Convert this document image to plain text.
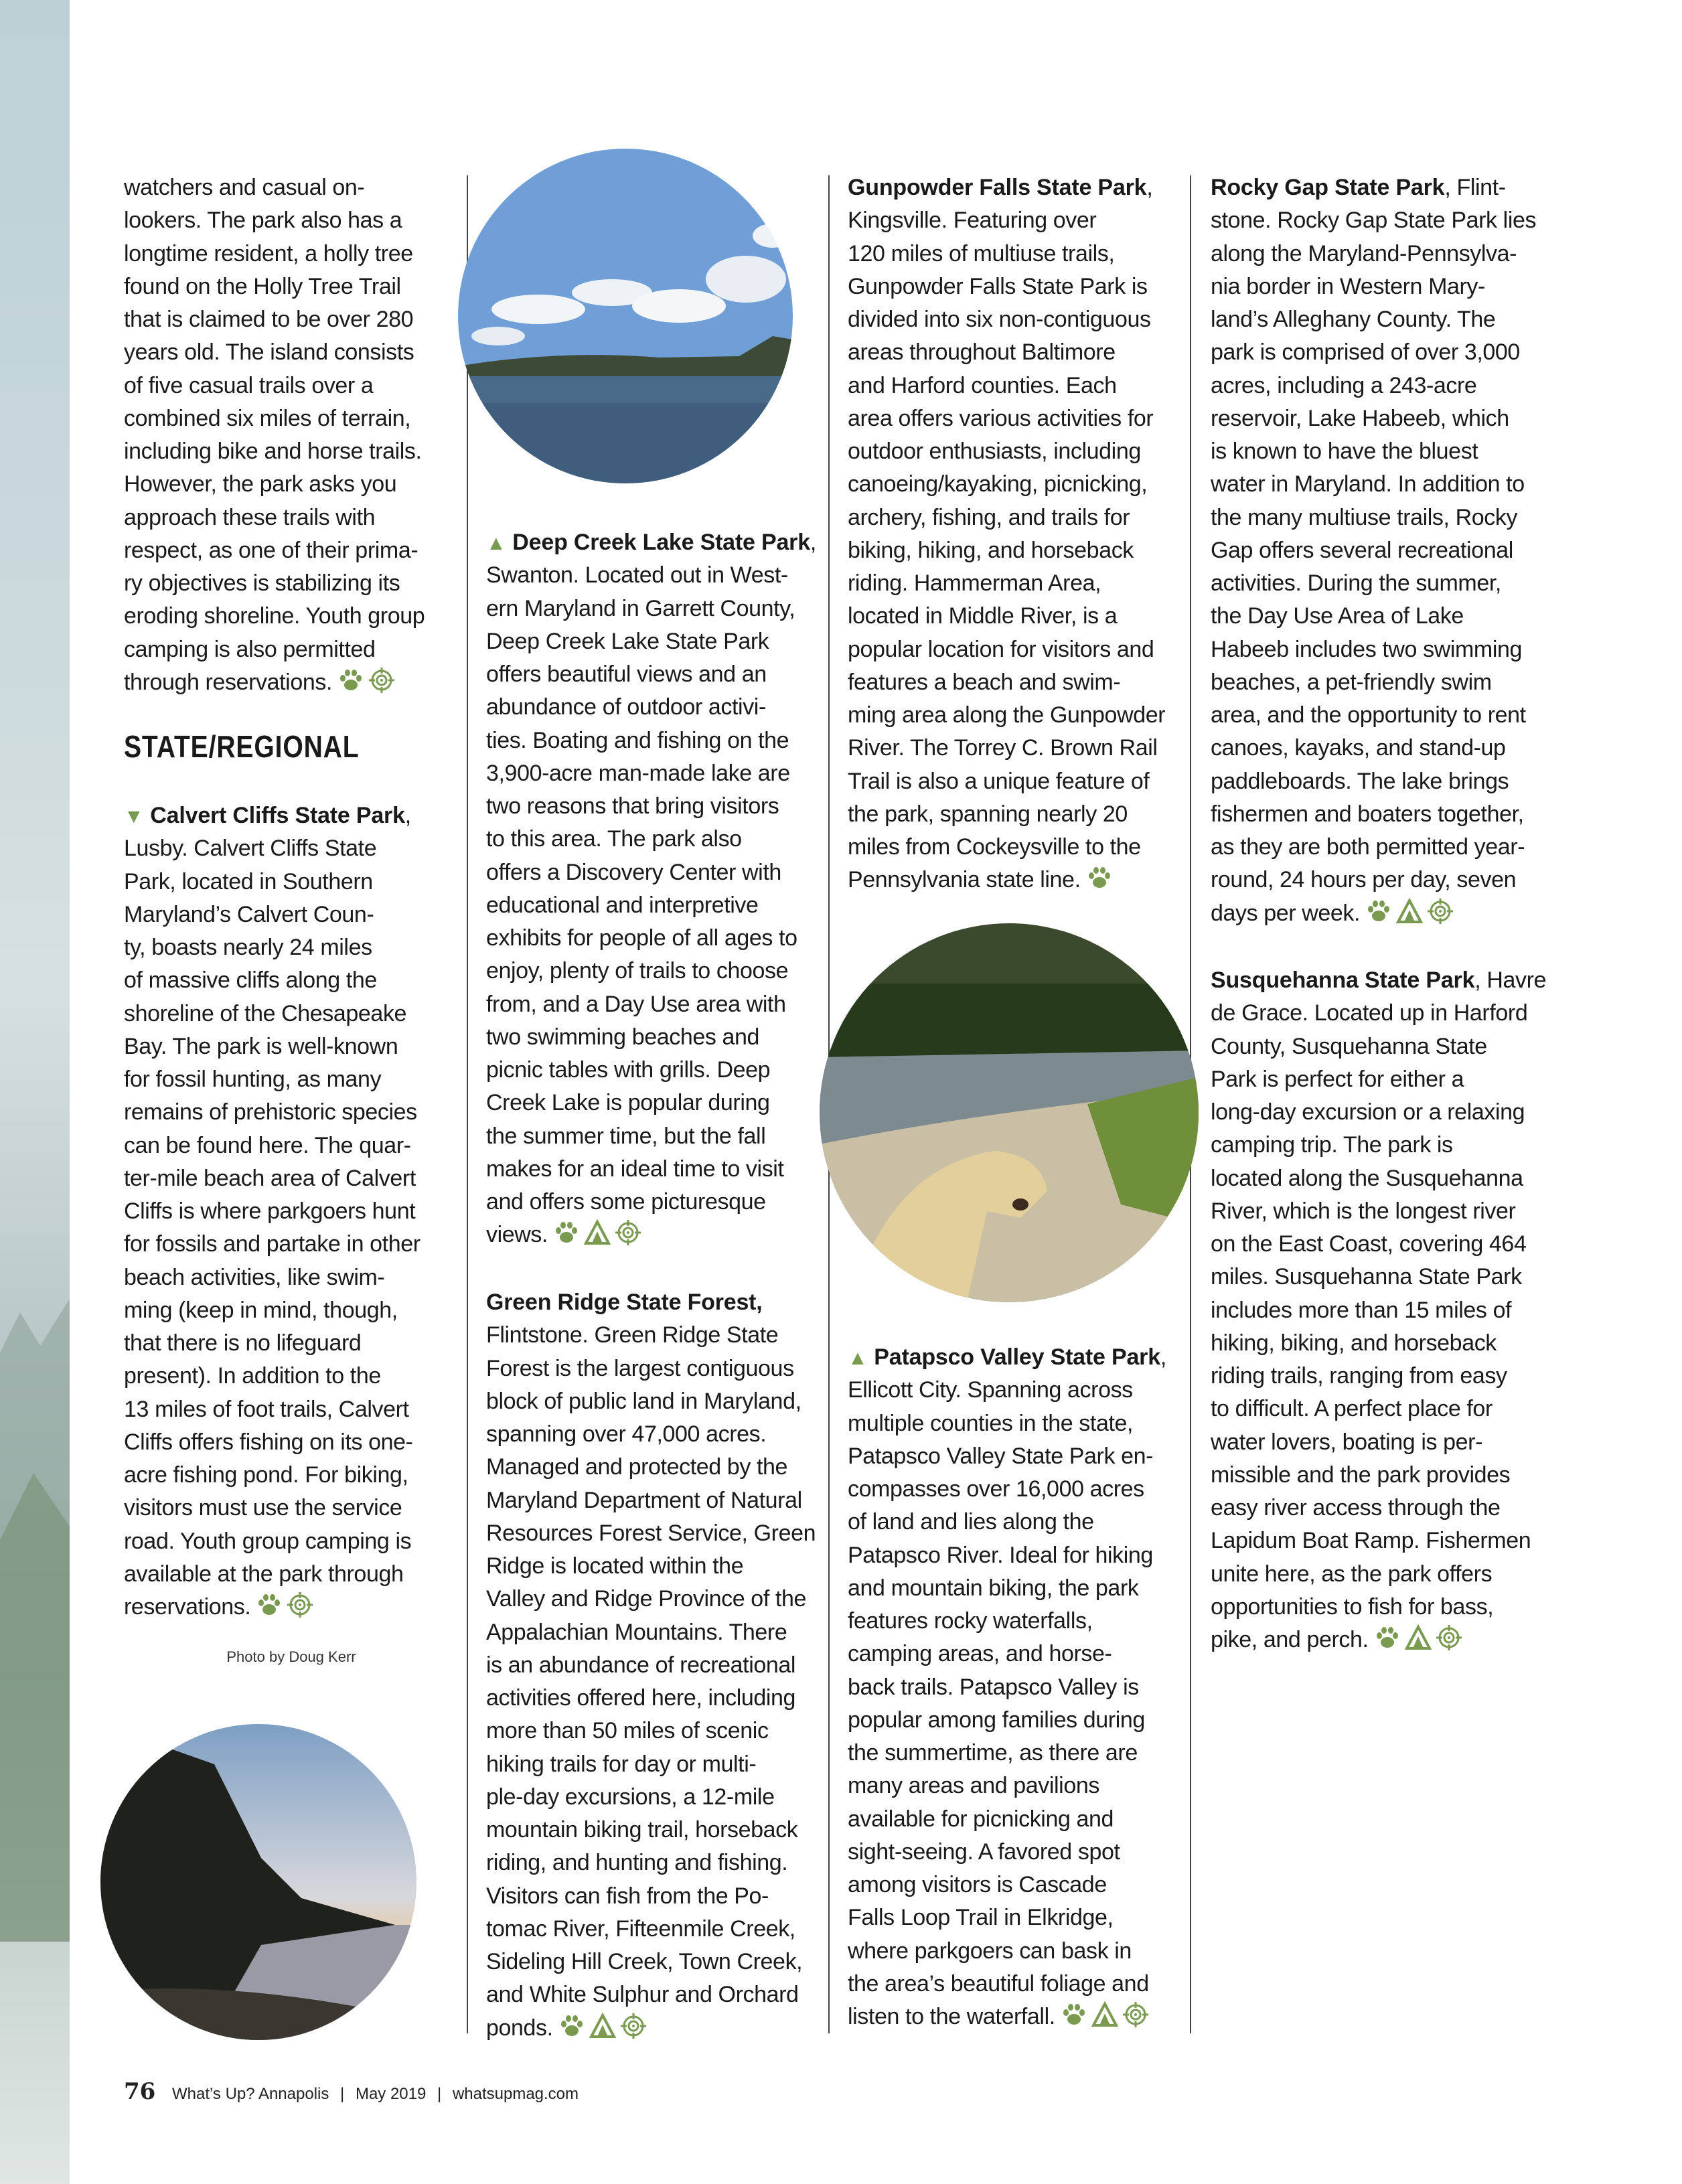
watchers and casual on-
lookers. The park also has a
longtime resident, a holly tree
found on the Holly Tree Trail
that is claimed to be over 280
years old. The island consists
of five casual trails over a
combined six miles of terrain,
including bike and horse trails.
However, the park asks you
approach these trails with
respect, as one of their prima-
ry objectives is stabilizing its
eroding shoreline. Youth group
camping is also permitted
through reservations.
STATE/REGIONAL
▼ Calvert Cliffs State Park,
Lusby. Calvert Cliffs State
Park, located in Southern
Maryland’s Calvert Coun-
ty, boasts nearly 24 miles
of massive cliffs along the
shoreline of the Chesapeake
Bay. The park is well-known
for fossil hunting, as many
remains of prehistoric species
can be found here. The quar-
ter-mile beach area of Calvert
Cliffs is where parkgoers hunt
for fossils and partake in other
beach activities, like swim-
ming (keep in mind, though,
that there is no lifeguard
present). In addition to the
13 miles of foot trails, Calvert
Cliffs offers fishing on its one-
acre fishing pond. For biking,
visitors must use the service
road. Youth group camping is
available at the park through
reservations.
Photo by Doug Kerr
▲ Deep Creek Lake State Park,
Swanton. Located out in West-
ern Maryland in Garrett County,
Deep Creek Lake State Park
offers beautiful views and an
abundance of outdoor activi-
ties. Boating and fishing on the
3,900-acre man-made lake are
two reasons that bring visitors
to this area. The park also
offers a Discovery Center with
educational and interpretive
exhibits for people of all ages to
enjoy, plenty of trails to choose
from, and a Day Use area with
two swimming beaches and
picnic tables with grills. Deep
Creek Lake is popular during
the summer time, but the fall
makes for an ideal time to visit
and offers some picturesque
views.
Green Ridge State Forest,
Flintstone. Green Ridge State
Forest is the largest contiguous
block of public land in Maryland,
spanning over 47,000 acres.
Managed and protected by the
Maryland Department of Natural
Resources Forest Service, Green
Ridge is located within the
Valley and Ridge Province of the
Appalachian Mountains. There
is an abundance of recreational
activities offered here, including
more than 50 miles of scenic
hiking trails for day or multi-
ple-day excursions, a 12-mile
mountain biking trail, horseback
riding, and hunting and fishing.
Visitors can fish from the Po-
tomac River, Fifteenmile Creek,
Sideling Hill Creek, Town Creek,
and White Sulphur and Orchard
ponds.
Gunpowder Falls State Park,
Kingsville. Featuring over
120 miles of multiuse trails,
Gunpowder Falls State Park is
divided into six non-contiguous
areas throughout Baltimore
and Harford counties. Each
area offers various activities for
outdoor enthusiasts, including
canoeing/kayaking, picnicking,
archery, fishing, and trails for
biking, hiking, and horseback
riding. Hammerman Area,
located in Middle River, is a
popular location for visitors and
features a beach and swim-
ming area along the Gunpowder
River. The Torrey C. Brown Rail
Trail is also a unique feature of
the park, spanning nearly 20
miles from Cockeysville to the
Pennsylvania state line.
▲ Patapsco Valley State Park,
Ellicott City. Spanning across
multiple counties in the state,
Patapsco Valley State Park en-
compasses over 16,000 acres
of land and lies along the
Patapsco River. Ideal for hiking
and mountain biking, the park
features rocky waterfalls,
camping areas, and horse-
back trails. Patapsco Valley is
popular among families during
the summertime, as there are
many areas and pavilions
available for picnicking and
sight-seeing. A favored spot
among visitors is Cascade
Falls Loop Trail in Elkridge,
where parkgoers can bask in
the area’s beautiful foliage and
listen to the waterfall.
Rocky Gap State Park, Flint-
stone. Rocky Gap State Park lies
along the Maryland-Pennsylva-
nia border in Western Mary-
land’s Alleghany County. The
park is comprised of over 3,000
acres, including a 243-acre
reservoir, Lake Habeeb, which
is known to have the bluest
water in Maryland. In addition to
the many multiuse trails, Rocky
Gap offers several recreational
activities. During the summer,
the Day Use Area of Lake
Habeeb includes two swimming
beaches, a pet-friendly swim
area, and the opportunity to rent
canoes, kayaks, and stand-up
paddleboards. The lake brings
fishermen and boaters together,
as they are both permitted year-
round, 24 hours per day, seven
days per week.
Susquehanna State Park, Havre
de Grace. Located up in Harford
County, Susquehanna State
Park is perfect for either a
long-day excursion or a relaxing
camping trip. The park is
located along the Susquehanna
River, which is the longest river
on the East Coast, covering 464
miles. Susquehanna State Park
includes more than 15 miles of
hiking, biking, and horseback
riding trails, ranging from easy
to difficult. A perfect place for
water lovers, boating is per-
missible and the park provides
easy river access through the
Lapidum Boat Ramp. Fishermen
unite here, as the park offers
opportunities to fish for bass,
pike, and perch.
76 What’s Up? Annapolis | May 2019 | whatsupmag.com
